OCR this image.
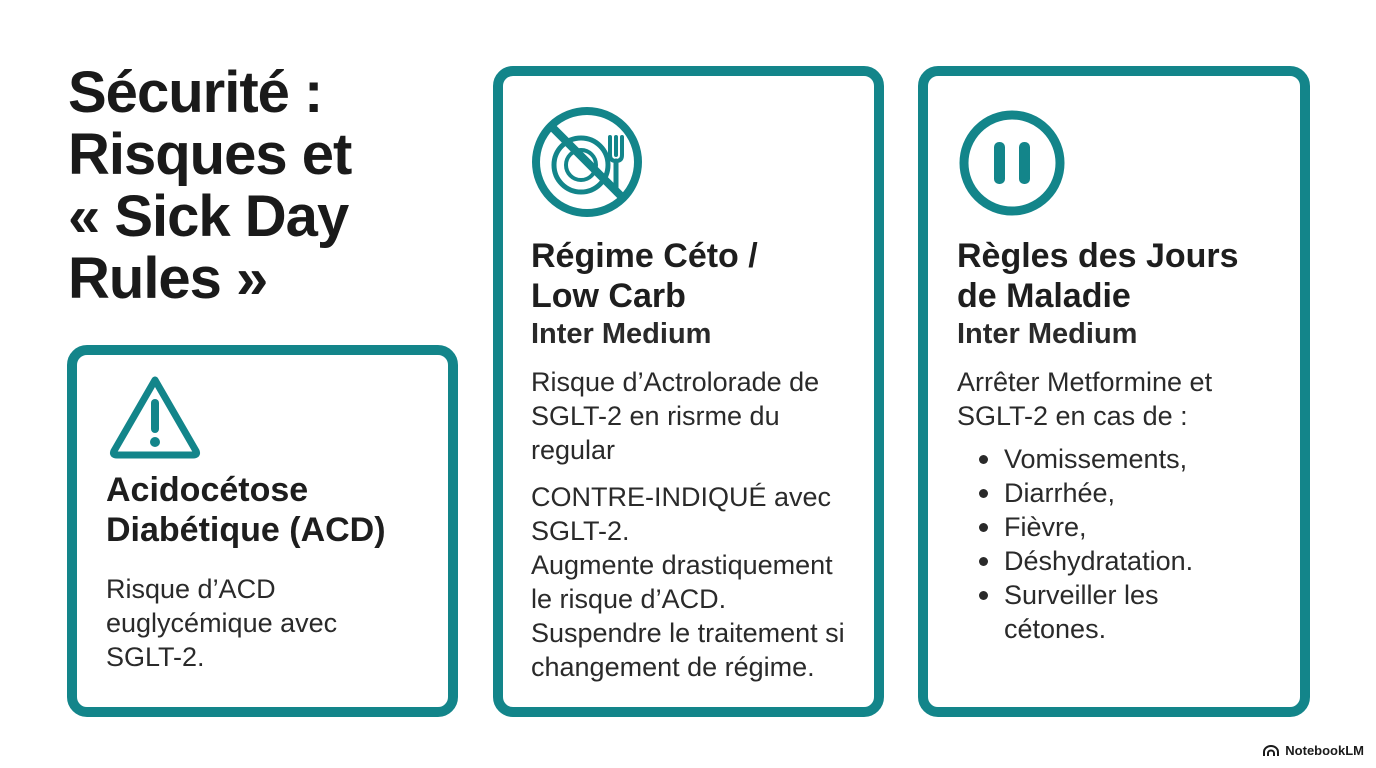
Sécurité :
Risques et
« Sick Day
Rules »
Acidocétose
Diabétique (ACD)
Risque d’ACD
euglycémique avec
SGLT-2.
Régime Céto /
Low Carb
Inter Medium
Risque d’Actrolorade de
SGLT-2 en risrme du
regular
CONTRE-INDIQUÉ avec
SGLT-2.
Augmente drastiquement
le risque d’ACD.
Suspendre le traitement si
changement de régime.
Règles des Jours
de Maladie
Inter Medium
Arrêter Metformine et
SGLT-2 en cas de :
Vomissements,
Diarrhée,
Fièvre,
Déshydratation.
Surveiller les
cétones.
NotebookLM
